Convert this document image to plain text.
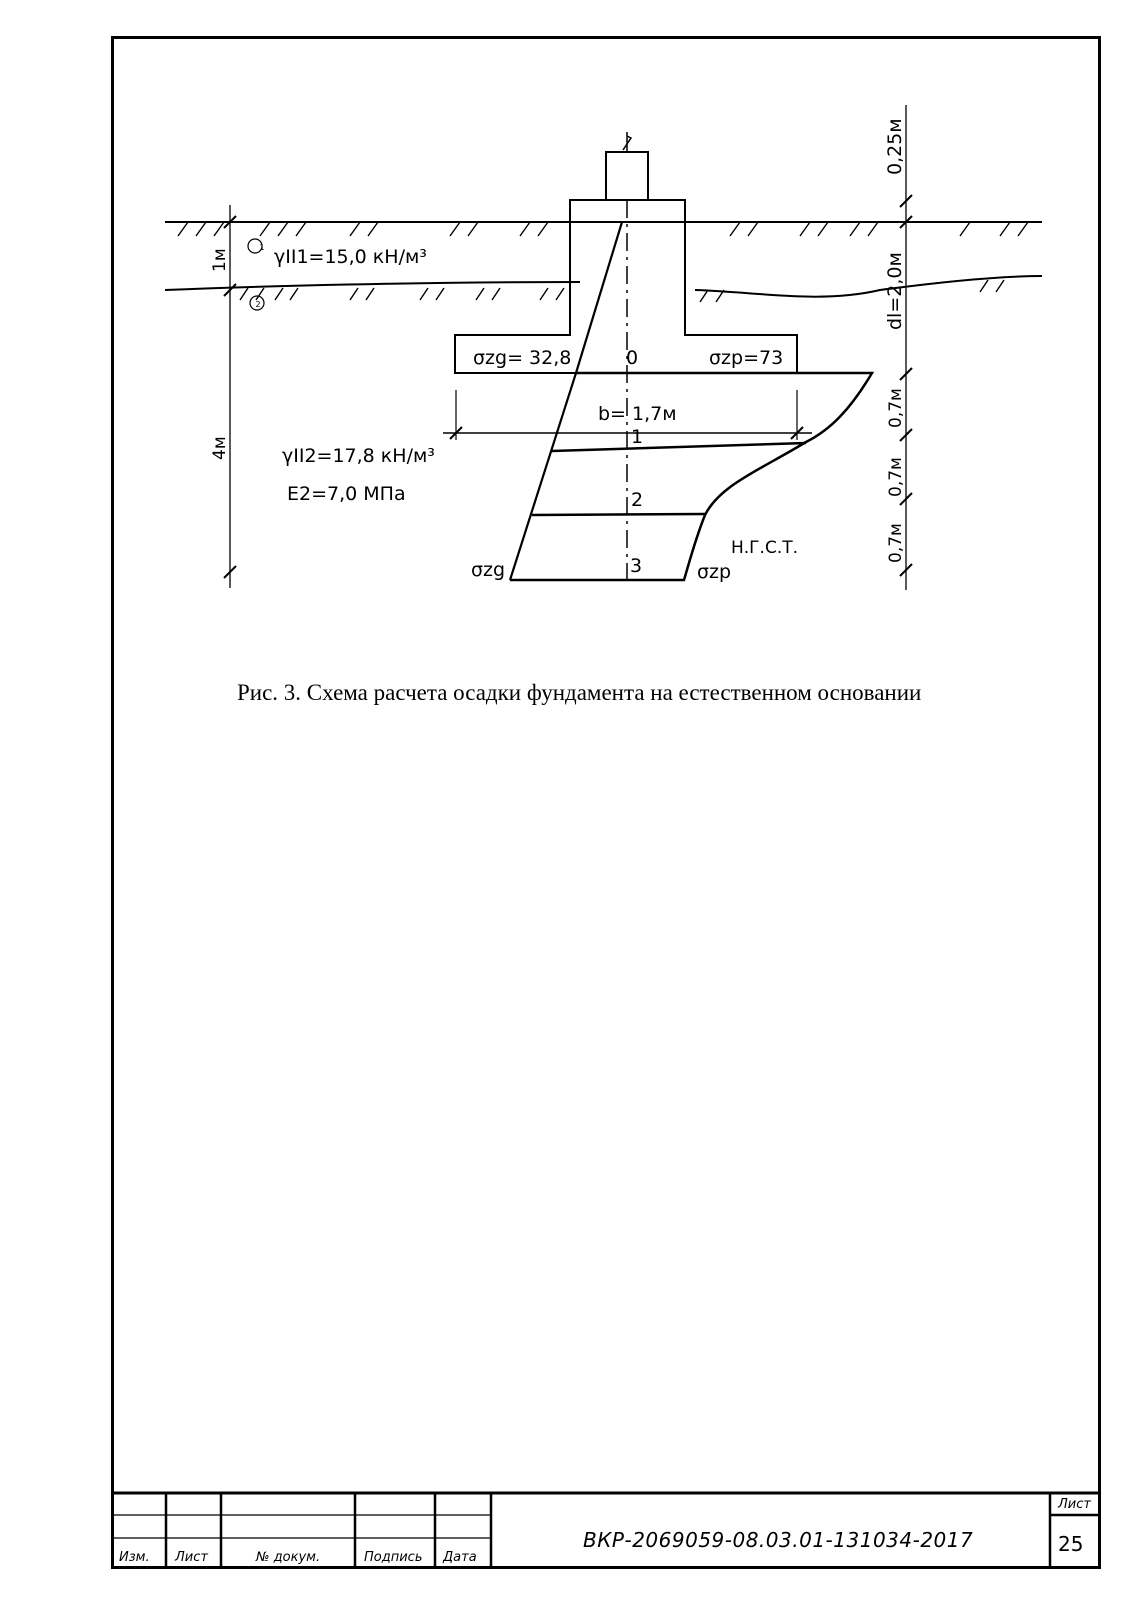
1
2
γII1=15,0 кН/м³
γII2=17,8 кН/м³
E2=7,0 МПа
σzg= 32,8	σzp=73
b= 1,7м
0
1
2
3
σzg	σzp
Н.Г.С.Т.
1м
4м
0,25м
dl=2,0м
0,7м
0,7м
0,7м
Рис. 3. Схема расчета осадки фундамента на естественном основании
Изм. Лист	№ докум.	Подпись Дата
ВКР-2069059-08.03.01-131034-2017
Лист
25
